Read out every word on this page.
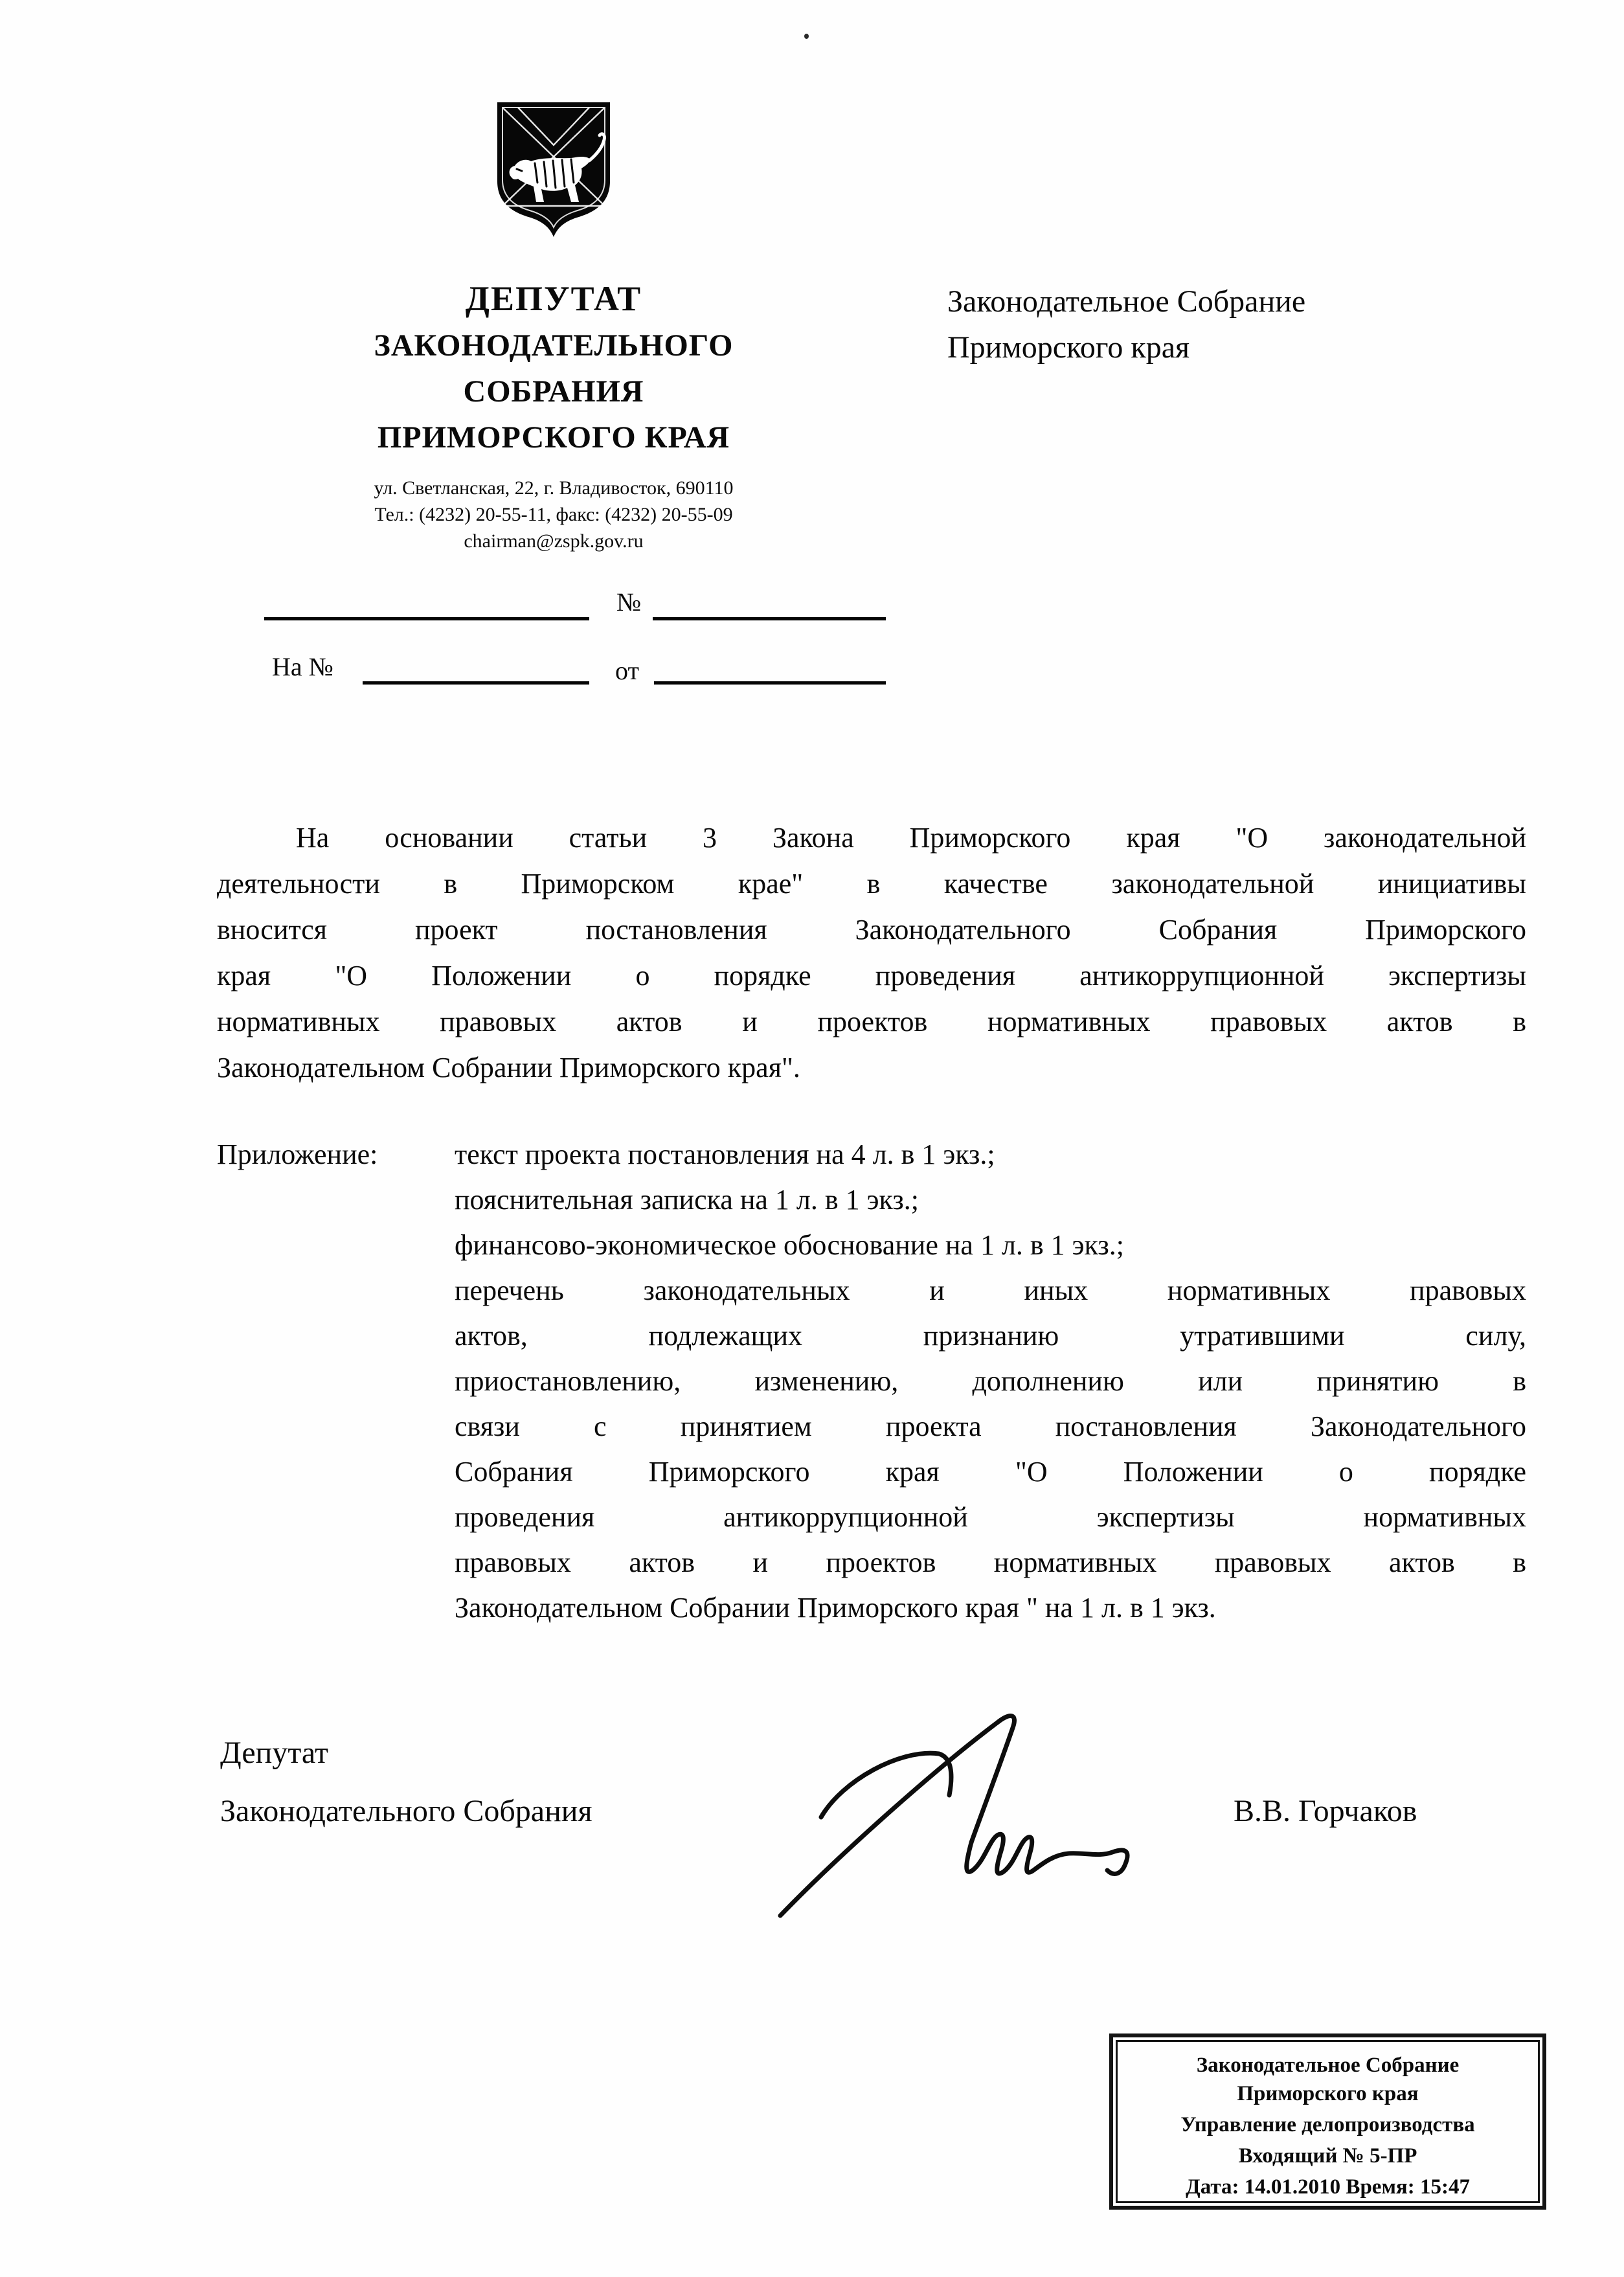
ДЕПУТАТ
ЗАКОНОДАТЕЛЬНОГО
СОБРАНИЯ
ПРИМОРСКОГО КРАЯ
ул. Светланская, 22, г. Владивосток, 690110
Тел.: (4232) 20-55-11, факс: (4232) 20-55-09
chairman@zspk.gov.ru
Законодательное Собрание
Приморского края
№
На №	от
На основании статьи 3 Закона Приморского края "О законодательной
деятельности в Приморском крае" в качестве законодательной инициативы
вносится проект постановления Законодательного Собрания Приморского
края "О Положении о порядке проведения антикоррупционной экспертизы
нормативных правовых актов и проектов нормативных правовых актов в
Законодательном Собрании Приморского края".
Приложение:	текст проекта постановления на 4 л. в 1 экз.;
пояснительная записка на 1 л. в 1 экз.;
финансово-экономическое обоснование на 1 л. в 1 экз.;
перечень законодательных и иных нормативных правовых
актов, подлежащих признанию утратившими силу,
приостановлению, изменению, дополнению или принятию в
связи с принятием проекта постановления Законодательного
Собрания Приморского края "О Положении о порядке
проведения антикоррупционной экспертизы нормативных
правовых актов и проектов нормативных правовых актов в
Законодательном Собрании Приморского края " на 1 л. в 1 экз.
Депутат
Законодательного Собрания	В.В. Горчаков
Законодательное Собрание
Приморского края
Управление делопроизводства
Входящий № 5-ПР
Дата: 14.01.2010 Время: 15:47
